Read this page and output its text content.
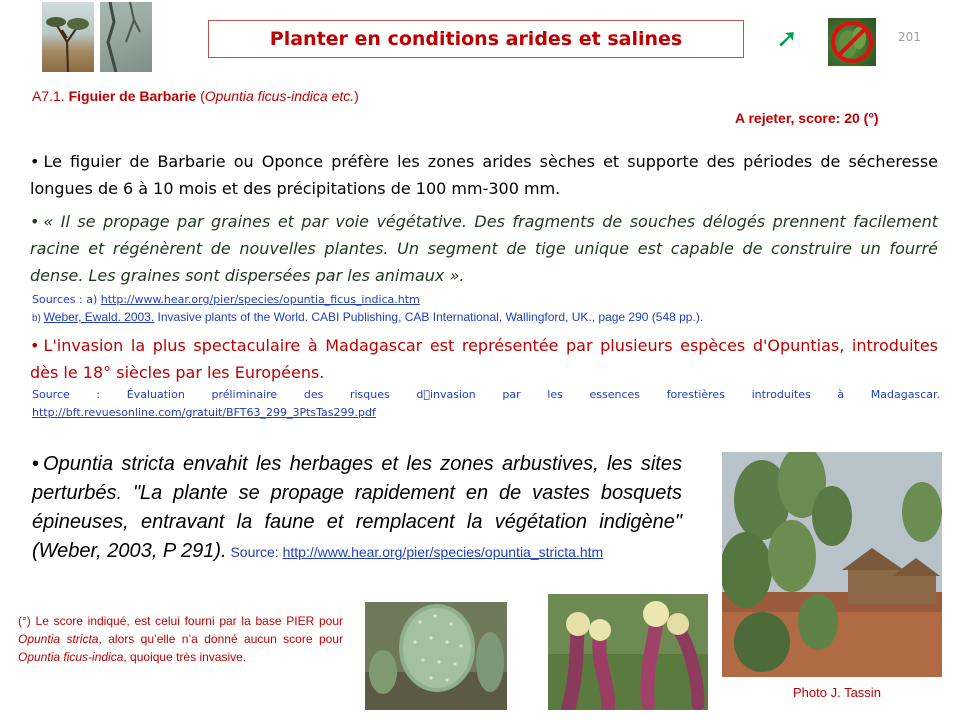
Planter en conditions arides et salines	➚	201
A7.1. Figuier de Barbarie (Opuntia ficus-indica etc.)
A rejeter, score: 20 (°)
• Le figuier de Barbarie ou Oponce préfère les zones arides sèches et supporte des périodes de sécheresse longues de 6 à 10 mois et des précipitations de 100 mm-300 mm.
• « Il se propage par graines et par voie végétative. Des fragments de souches délogés prennent facilement racine et régénèrent de nouvelles plantes. Un segment de tige unique est capable de construire un fourré dense. Les graines sont dispersées par les animaux ».
Sources : a) http://www.hear.org/pier/species/opuntia_ficus_indica.htm
b) Weber, Ewald. 2003. Invasive plants of the World. CABI Publishing, CAB International, Wallingford, UK., page 290 (548 pp.).
• L'invasion la plus spectaculaire à Madagascar est représentée par plusieurs espèces d'Opuntias, introduites dès le 18° siècles par les Européens.
Source : Évaluation préliminaire des risques d invasion par les essences forestières introduites à Madagascar.
http://bft.revuesonline.com/gratuit/BFT63_299_3PtsTas299.pdf
• Opuntia stricta envahit les herbages et les zones arbustives, les sites perturbés. "La plante se propage rapidement en de vastes bosquets épineuses, entravant la faune et remplacent la végétation indigène" (Weber, 2003, P 291). Source: http://www.hear.org/pier/species/opuntia_stricta.htm
(°) Le score indiqué, est celui fourni par la base PIER pour Opuntia stricta, alors qu’elle n’a donné aucun score pour Opuntia ficus-indica, quoique très invasive.
Photo J. Tassin
